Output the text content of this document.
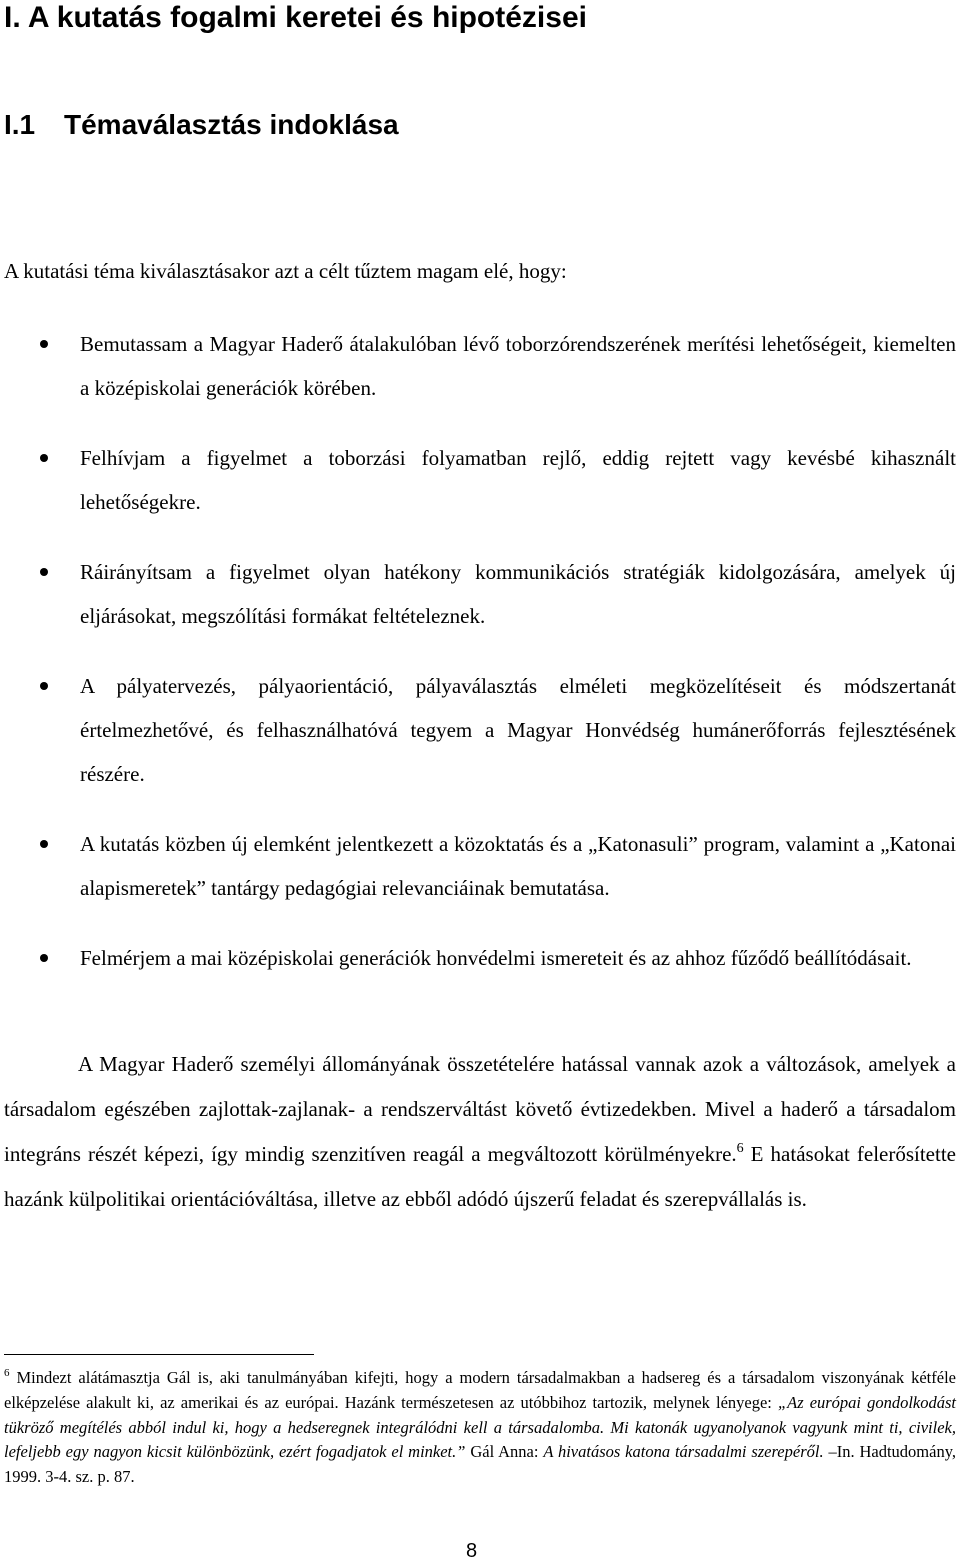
I. A kutatás fogalmi keretei és hipotézisei
I.1 Témaválasztás indoklása
A kutatási téma kiválasztásakor azt a célt tűztem magam elé, hogy:
Bemutassam a Magyar Haderő átalakulóban lévő toborzórendszerének merítési lehetőségeit, kiemelten a középiskolai generációk körében.
Felhívjam a figyelmet a toborzási folyamatban rejlő, eddig rejtett vagy kevésbé kihasznált lehetőségekre.
Ráirányítsam a figyelmet olyan hatékony kommunikációs stratégiák kidolgozására, amelyek új eljárásokat, megszólítási formákat feltételeznek.
A pályatervezés, pályaorientáció, pályaválasztás elméleti megközelítéseit és módszertanát értelmezhetővé, és felhasználhatóvá tegyem a Magyar Honvédség humánerőforrás fejlesztésének részére.
A kutatás közben új elemként jelentkezett a közoktatás és a „Katonasuli” program, valamint a „Katonai alapismeretek” tantárgy pedagógiai relevanciáinak bemutatása.
Felmérjem a mai középiskolai generációk honvédelmi ismereteit és az ahhoz fűződő beállítódásait.

A Magyar Haderő személyi állományának összetételére hatással vannak azok a változások, amelyek a társadalom egészében zajlottak-zajlanak- a rendszerváltást követő évtizedekben. Mivel a haderő a társadalom integráns részét képezi, így mindig szenzitíven reagál a megváltozott körülményekre.$^6$ E hatásokat felerősítette hazánk külpolitikai orientációváltása, illetve az ebből adódó újszerű feladat és szerepvállalás is.

$^6$ Mindezt alátámasztja Gál is, aki tanulmányában kifejti, hogy a modern társadalmakban a hadsereg és a társadalom viszonyának kétféle elképzelése alakult ki, az amerikai és az európai. Hazánk természetesen az utóbbihoz tartozik, melynek lényege: „Az európai gondolkodást tükröző megítélés abból indul ki, hogy a hedseregnek integrálódni kell a társadalomba. Mi katonák ugyanolyanok vagyunk mint ti, civilek, lefeljebb egy nagyon kicsit különbözünk, ezért fogadjatok el minket.” Gál Anna: A hivatásos katona társadalmi szerepéről. –In. Hadtudomány, 1999. 3-4. sz. p. 87.

8
